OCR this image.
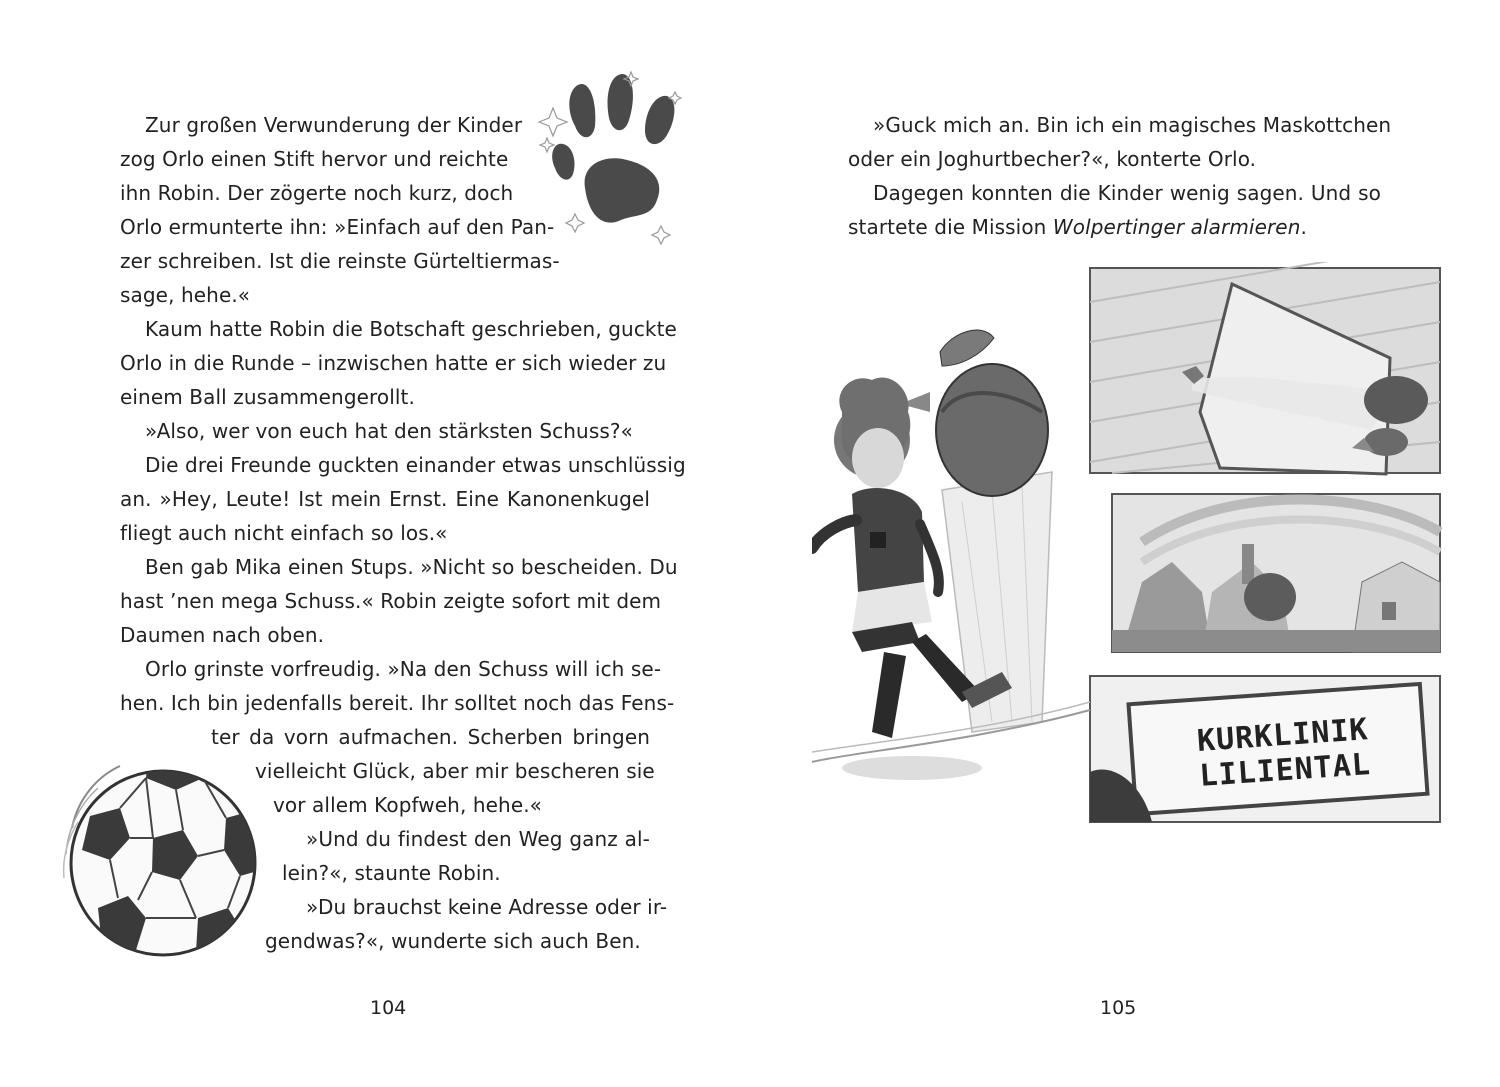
Zur großen Verwunderung der Kinder
zog Orlo einen Stift hervor und reichte
ihn Robin. Der zögerte noch kurz, doch
Orlo ermunterte ihn: »Einfach auf den Pan-
zer schreiben. Ist die reinste Gürteltiermas-
sage, hehe.«
Kaum hatte Robin die Botschaft geschrieben, guckte
Orlo in die Runde – inzwischen hatte er sich wieder zu
einem Ball zusammengerollt.
»Also, wer von euch hat den stärksten Schuss?«
Die drei Freunde guckten einander etwas unschlüssig
an. »Hey, Leute! Ist mein Ernst. Eine Kanonenkugel
fliegt auch nicht einfach so los.«
Ben gab Mika einen Stups. »Nicht so bescheiden. Du
hast ’nen mega Schuss.« Robin zeigte sofort mit dem
Daumen nach oben.
Orlo grinste vorfreudig. »Na den Schuss will ich se-
hen. Ich bin jedenfalls bereit. Ihr solltet noch das Fens-
ter da vorn aufmachen. Scherben bringen
vielleicht Glück, aber mir bescheren sie
vor allem Kopfweh, hehe.«
»Und du findest den Weg ganz al-
lein?«, staunte Robin.
»Du brauchst keine Adresse oder ir-
gendwas?«, wunderte sich auch Ben.
104
»Guck mich an. Bin ich ein magisches Maskottchen
oder ein Joghurtbecher?«, konterte Orlo.
Dagegen konnten die Kinder wenig sagen. Und so
startete die Mission Wolpertinger alarmieren.
KURKLINIK LILIENTAL
105
